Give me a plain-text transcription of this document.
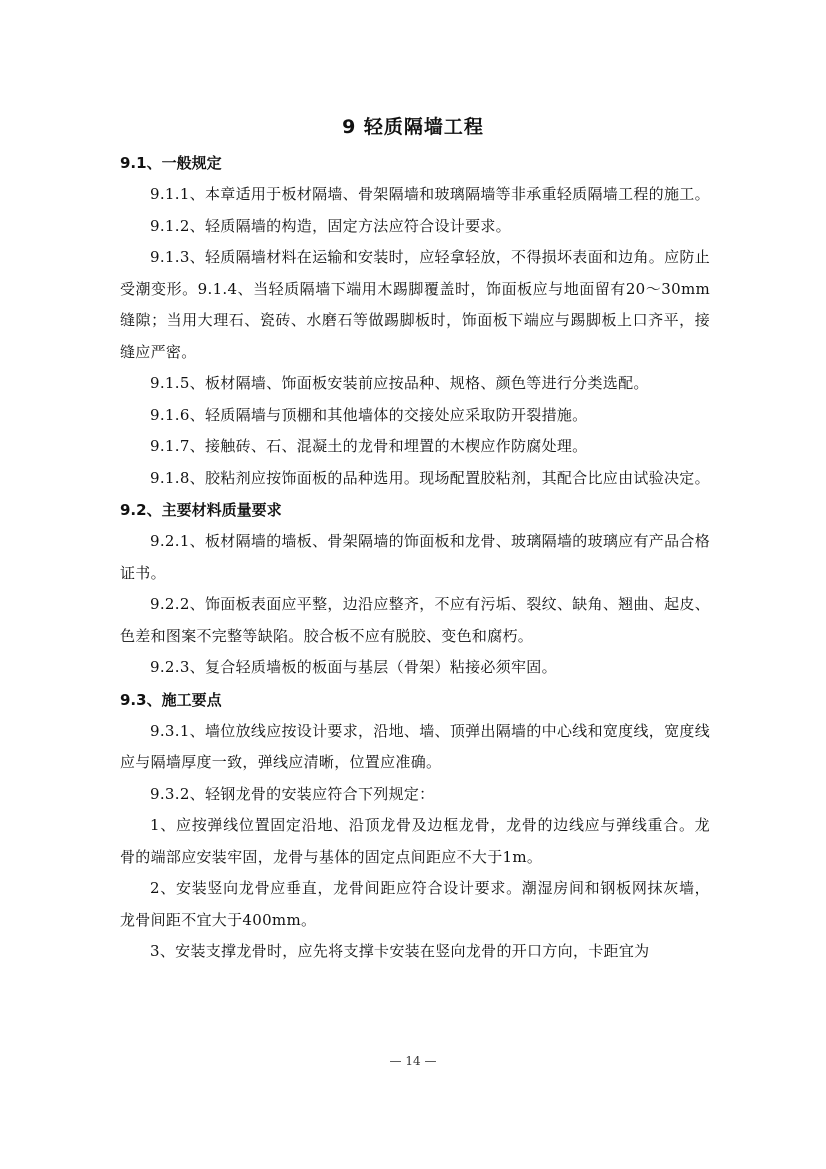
9 轻质隔墙工程
9.1、一般规定

9.1.1、本章适用于板材隔墙、骨架隔墙和玻璃隔墙等非承重轻质隔墙工程的施工。

9.1.2、轻质隔墙的构造，固定方法应符合设计要求。

9.1.3、轻质隔墙材料在运输和安装时，应轻拿轻放，不得损坏表面和边角。应防止受潮变形。9.1.4、当轻质隔墙下端用木踢脚覆盖时，饰面板应与地面留有20～30mm缝隙；当用大理石、瓷砖、水磨石等做踢脚板时，饰面板下端应与踢脚板上口齐平，接缝应严密。

9.1.5、板材隔墙、饰面板安装前应按品种、规格、颜色等进行分类选配。

9.1.6、轻质隔墙与顶棚和其他墙体的交接处应采取防开裂措施。

9.1.7、接触砖、石、混凝土的龙骨和埋置的木楔应作防腐处理。

9.1.8、胶粘剂应按饰面板的品种选用。现场配置胶粘剂，其配合比应由试验决定。

9.2、主要材料质量要求

9.2.1、板材隔墙的墙板、骨架隔墙的饰面板和龙骨、玻璃隔墙的玻璃应有产品合格证书。

9.2.2、饰面板表面应平整，边沿应整齐，不应有污垢、裂纹、缺角、翘曲、起皮、色差和图案不完整等缺陷。胶合板不应有脱胶、变色和腐朽。

9.2.3、复合轻质墙板的板面与基层（骨架）粘接必须牢固。

9.3、施工要点

9.3.1、墙位放线应按设计要求，沿地、墙、顶弹出隔墙的中心线和宽度线，宽度线应与隔墙厚度一致，弹线应清晰，位置应准确。

9.3.2、轻钢龙骨的安装应符合下列规定：

1、应按弹线位置固定沿地、沿顶龙骨及边框龙骨，龙骨的边线应与弹线重合。龙骨的端部应安装牢固，龙骨与基体的固定点间距应不大于1m。

2、安装竖向龙骨应垂直，龙骨间距应符合设计要求。潮湿房间和钢板网抹灰墙，龙骨间距不宜大于400mm。

3、安装支撑龙骨时，应先将支撑卡安装在竖向龙骨的开口方向，卡距宜为

— 14 —
